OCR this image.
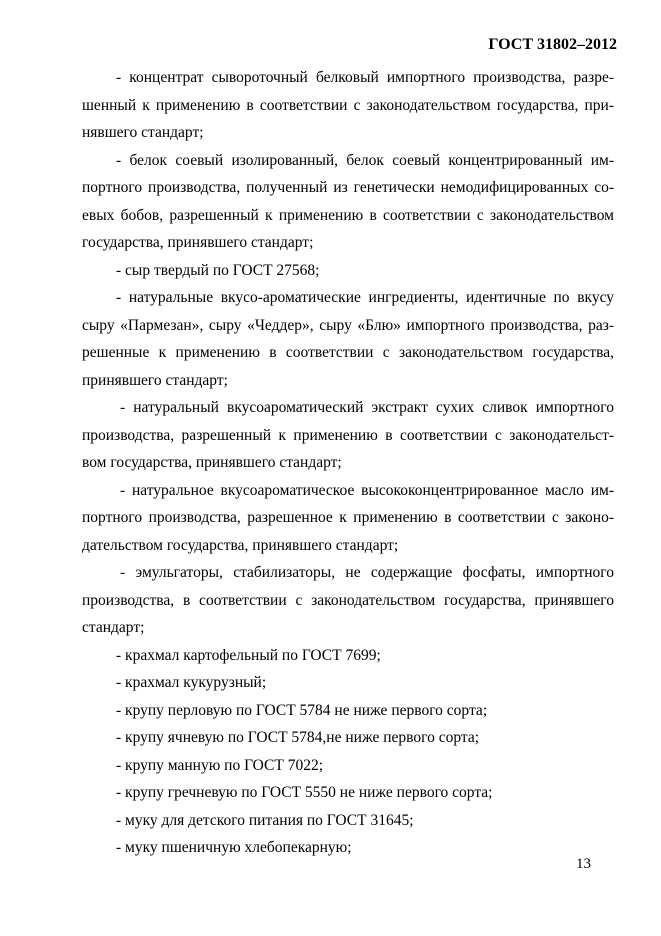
ГОСТ 31802–2012
- концентрат сывороточный белковый импортного производства, разре-
шенный к применению в соответствии с законодательством государства, при-
нявшего стандарт;
- белок соевый изолированный, белок соевый концентрированный им-
портного производства, полученный из генетически немодифицированных со-
евых бобов, разрешенный к применению в соответствии с законодательством
государства, принявшего стандарт;
- сыр твердый по ГОСТ 27568;
- натуральные вкусо-ароматические ингредиенты, идентичные по вкусу
сыру «Пармезан», сыру «Чеддер», сыру «Блю» импортного производства, раз-
решенные к применению в соответствии с законодательством государства,
принявшего стандарт;
- натуральный вкусоароматический экстракт сухих сливок импортного
производства, разрешенный к применению в соответствии с законодательст-
вом государства, принявшего стандарт;
- натуральное вкусоароматическое высококонцентрированное масло им-
портного производства, разрешенное к применению в соответствии с законо-
дательством государства, принявшего стандарт;
- эмульгаторы, стабилизаторы, не содержащие фосфаты, импортного
производства, в соответствии с законодательством государства, принявшего
стандарт;
- крахмал картофельный по ГОСТ 7699;
- крахмал кукурузный;
- крупу перловую по ГОСТ 5784 не ниже первого сорта;
- крупу ячневую по ГОСТ 5784,не ниже первого сорта;
- крупу манную по ГОСТ 7022;
- крупу гречневую по ГОСТ 5550 не ниже первого сорта;
- муку для детского питания по ГОСТ 31645;
- муку пшеничную хлебопекарную;
13
